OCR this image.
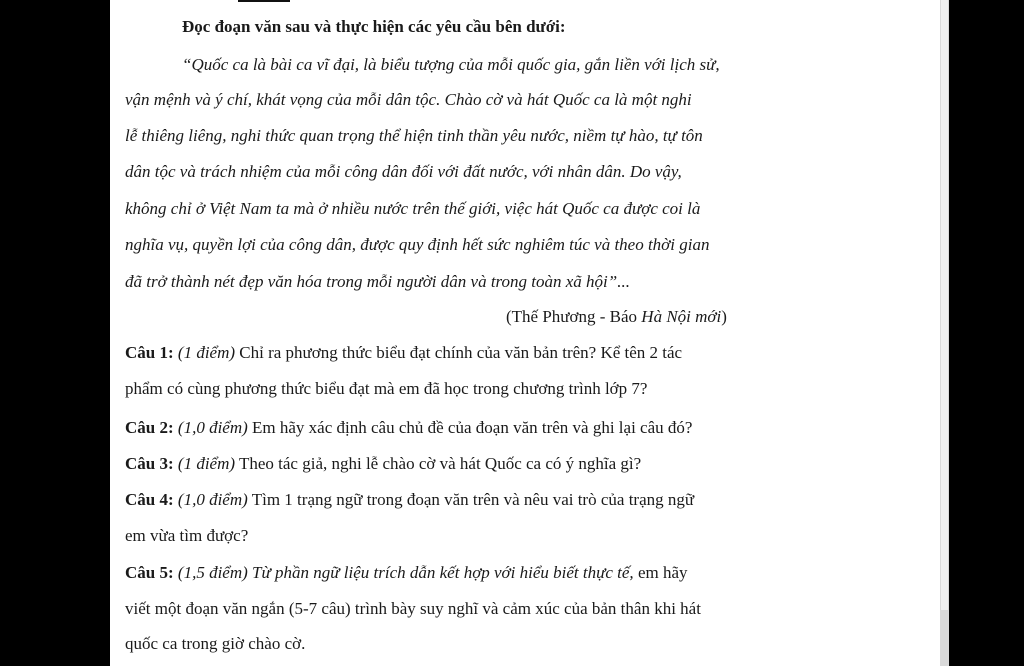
Đọc đoạn văn sau và thực hiện các yêu cầu bên dưới:
“Quốc ca là bài ca vĩ đại, là biểu tượng của mỗi quốc gia, gắn liền với lịch sử,
vận mệnh và ý chí, khát vọng của mỗi dân tộc. Chào cờ và hát Quốc ca là một nghi
lễ thiêng liêng, nghi thức quan trọng thể hiện tinh thần yêu nước, niềm tự hào, tự tôn
dân tộc và trách nhiệm của mỗi công dân đối với đất nước, với nhân dân. Do vậy,
không chỉ ở Việt Nam ta mà ở nhiều nước trên thế giới, việc hát Quốc ca được coi là
nghĩa vụ, quyền lợi của công dân, được quy định hết sức nghiêm túc và theo thời gian
đã trở thành nét đẹp văn hóa trong mỗi người dân và trong toàn xã hội”...
(Thế Phương - Báo Hà Nội mới)
Câu 1: (1 điểm) Chỉ ra phương thức biểu đạt chính của văn bản trên? Kể tên 2 tác
phẩm có cùng phương thức biểu đạt mà em đã học trong chương trình lớp 7?
Câu 2: (1,0 điểm) Em hãy xác định câu chủ đề của đoạn văn trên và ghi lại câu đó?
Câu 3: (1 điểm) Theo tác giả, nghi lễ chào cờ và hát Quốc ca có ý nghĩa gì?
Câu 4: (1,0 điểm) Tìm 1 trạng ngữ trong đoạn văn trên và nêu vai trò của trạng ngữ
em vừa tìm được?
Câu 5: (1,5 điểm) Từ phần ngữ liệu trích dẫn kết hợp với hiểu biết thực tế, em hãy
viết một đoạn văn ngắn (5-7 câu) trình bày suy nghĩ và cảm xúc của bản thân khi hát
quốc ca trong giờ chào cờ.
